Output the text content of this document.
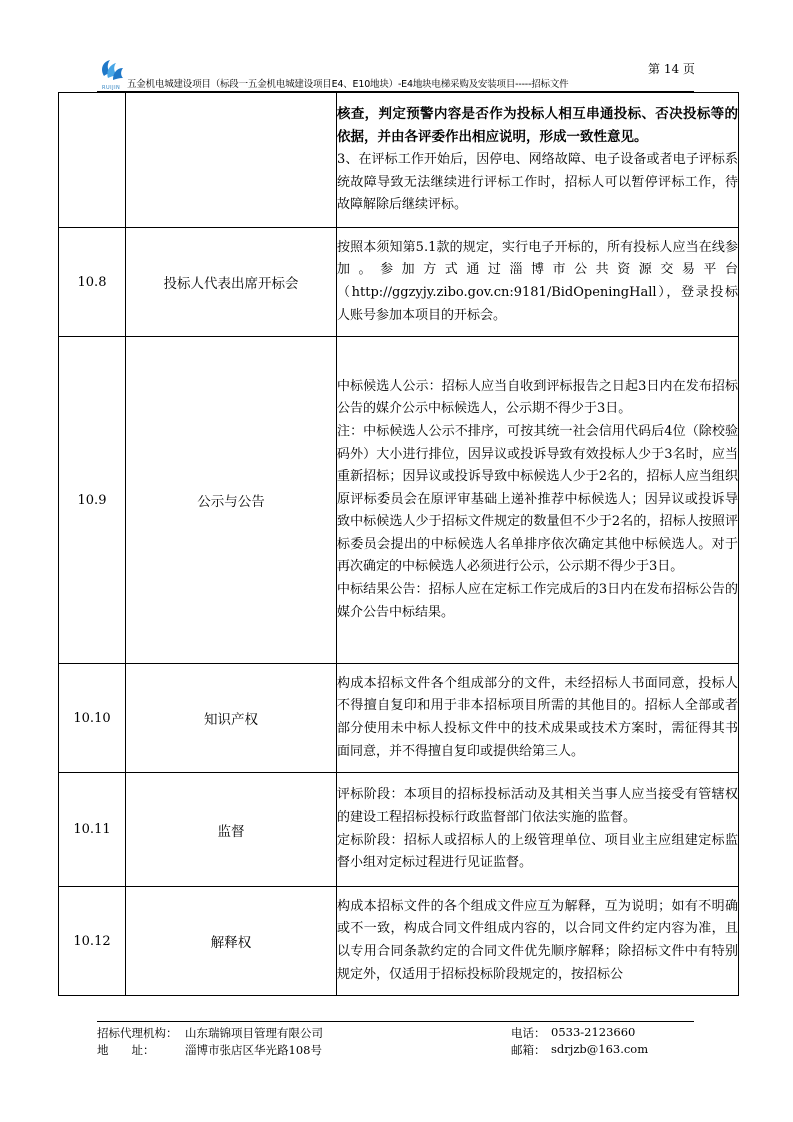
RUIJIN 五金机电城建设项目（标段一五金机电城建设项目E4、E10地块）-E4地块电梯采购及安装项目-----招标文件
第 14 页

		核查，判定预警内容是否作为投标人相互串通投标、否决投标等的依据，并由各评委作出相应说明，形成一致性意见。
3、在评标工作开始后，因停电、网络故障、电子设备或者电子评标系统故障导致无法继续进行评标工作时，招标人可以暂停评标工作，待故障解除后继续评标。

10.8	投标人代表出席开标会	按照本须知第5.1款的规定，实行电子开标的，所有投标人应当在线参加。参加方式通过淄博市公共资源交易平台（http://ggzyjy.zibo.gov.cn:9181/BidOpeningHall），登录投标人账号参加本项目的开标会。

10.9	公示与公告	中标候选人公示：招标人应当自收到评标报告之日起3日内在发布招标公告的媒介公示中标候选人，公示期不得少于3日。
注：中标候选人公示不排序，可按其统一社会信用代码后4位（除校验码外）大小进行排位，因异议或投诉导致有效投标人少于3名时，应当重新招标；因异议或投诉导致中标候选人少于2名的，招标人应当组织原评标委员会在原评审基础上递补推荐中标候选人；因异议或投诉导致中标候选人少于招标文件规定的数量但不少于2名的，招标人按照评标委员会提出的中标候选人名单排序依次确定其他中标候选人。对于再次确定的中标候选人必须进行公示，公示期不得少于3日。
中标结果公告：招标人应在定标工作完成后的3日内在发布招标公告的媒介公告中标结果。

10.10	知识产权	构成本招标文件各个组成部分的文件，未经招标人书面同意，投标人不得擅自复印和用于非本招标项目所需的其他目的。招标人全部或者部分使用未中标人投标文件中的技术成果或技术方案时，需征得其书面同意，并不得擅自复印或提供给第三人。

10.11	监督	评标阶段：本项目的招标投标活动及其相关当事人应当接受有管辖权的建设工程招标投标行政监督部门依法实施的监督。
定标阶段：招标人或招标人的上级管理单位、项目业主应组建定标监督小组对定标过程进行见证监督。

10.12	解释权	构成本招标文件的各个组成文件应互为解释，互为说明；如有不明确或不一致，构成合同文件组成内容的，以合同文件约定内容为准，且以专用合同条款约定的合同文件优先顺序解释；除招标文件中有特别规定外，仅适用于招标投标阶段规定的，按招标公
招标代理机构： 山东瑞锦项目管理有限公司	电话： 0533-2123660
地　　址：	淄博市张店区华光路108号	邮箱： sdrjzb@163.com
